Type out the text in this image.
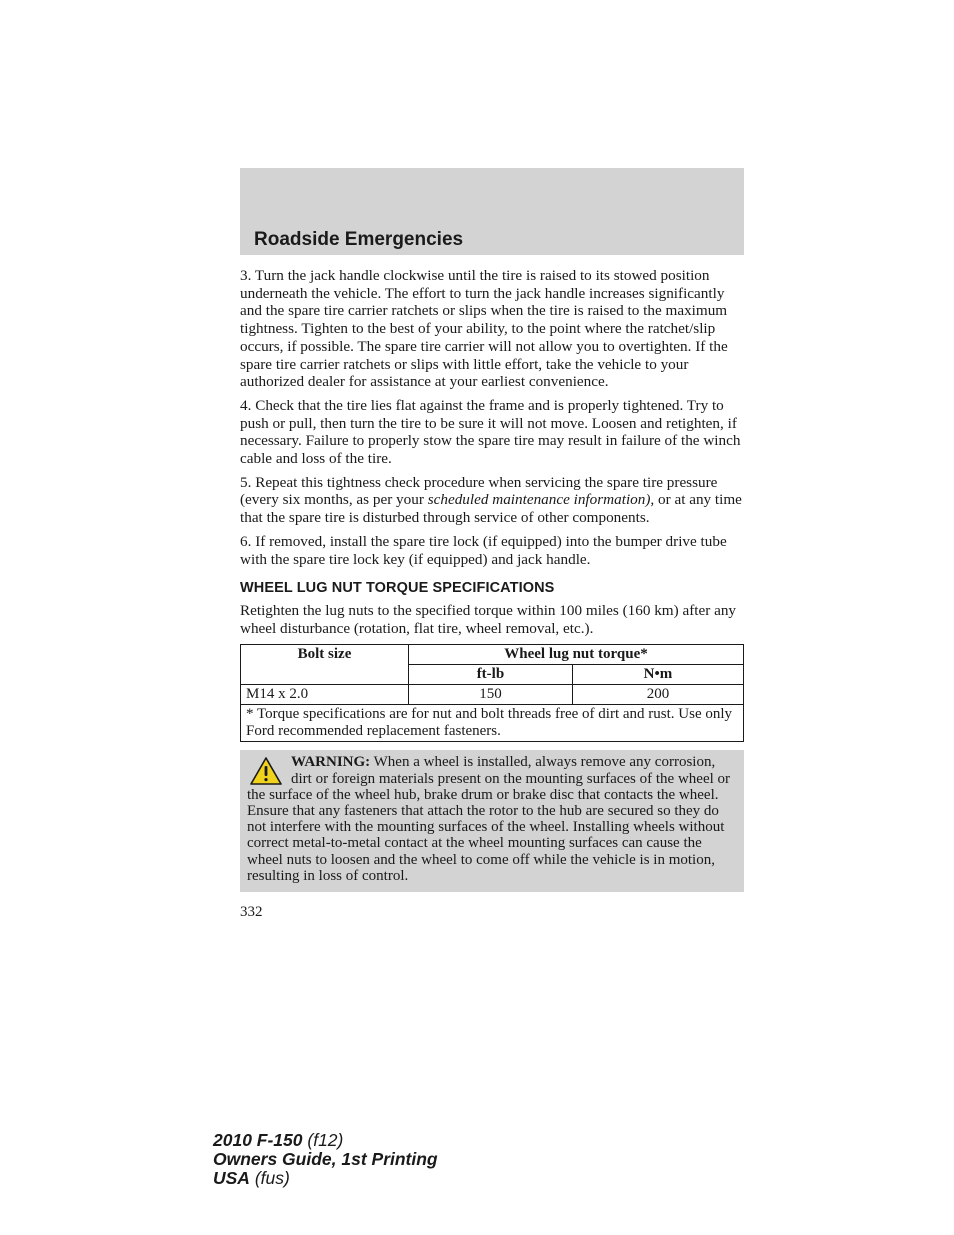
Roadside Emergencies

3. Turn the jack handle clockwise until the tire is raised to its stowed position underneath the vehicle. The effort to turn the jack handle increases significantly and the spare tire carrier ratchets or slips when the tire is raised to the maximum tightness. Tighten to the best of your ability, to the point where the ratchet/slip occurs, if possible. The spare tire carrier will not allow you to overtighten. If the spare tire carrier ratchets or slips with little effort, take the vehicle to your authorized dealer for assistance at your earliest convenience.

4. Check that the tire lies flat against the frame and is properly tightened. Try to push or pull, then turn the tire to be sure it will not move. Loosen and retighten, if necessary. Failure to properly stow the spare tire may result in failure of the winch cable and loss of the tire.

5. Repeat this tightness check procedure when servicing the spare tire pressure (every six months, as per your scheduled maintenance information), or at any time that the spare tire is disturbed through service of other components.

6. If removed, install the spare tire lock (if equipped) into the bumper drive tube with the spare tire lock key (if equipped) and jack handle.

WHEEL LUG NUT TORQUE SPECIFICATIONS

Retighten the lug nuts to the specified torque within 100 miles (160 km) after any wheel disturbance (rotation, flat tire, wheel removal, etc.).

Bolt size	Wheel lug nut torque*	
	ft-lb	N•m
M14 x 2.0	150	200
* Torque specifications are for nut and bolt threads free of dirt and rust. Use only Ford recommended replacement fasteners.		
WARNING: When a wheel is installed, always remove any corrosion, dirt or foreign materials present on the mounting surfaces of the wheel or the surface of the wheel hub, brake drum or brake disc that contacts the wheel. Ensure that any fasteners that attach the rotor to the hub are secured so they do not interfere with the mounting surfaces of the wheel. Installing wheels without correct metal-to-metal contact at the wheel mounting surfaces can cause the wheel nuts to loosen and the wheel to come off while the vehicle is in motion, resulting in loss of control.
332
2010 F-150 (f12)
Owners Guide, 1st Printing
USA (fus)
